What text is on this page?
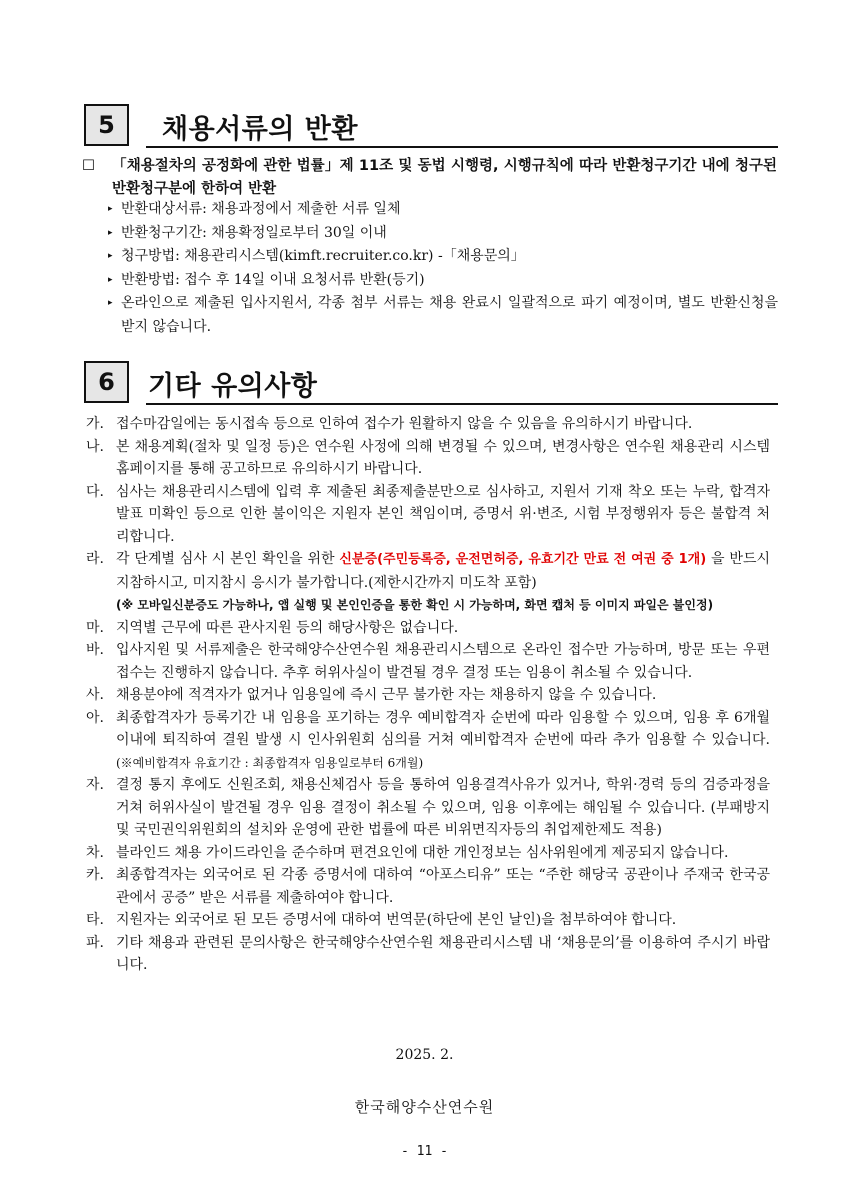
5	채용서류의 반환
☐	「채용절차의 공정화에 관한 법률」제 11조 및 동법 시행령, 시행규칙에 따라 반환청구기간 내에 청구된 반환청구분에 한하여 반환
▸ 반환대상서류: 채용과정에서 제출한 서류 일체
▸ 반환청구기간: 채용확정일로부터 30일 이내
▸ 청구방법: 채용관리시스템(kimft.recruiter.co.kr) -「채용문의」
▸ 반환방법: 접수 후 14일 이내 요청서류 반환(등기)
▸ 온라인으로 제출된 입사지원서, 각종 첨부 서류는 채용 완료시 일괄적으로 파기 예정이며, 별도 반환신청을 받지 않습니다.
6	기타 유의사항
가. 접수마감일에는 동시접속 등으로 인하여 접수가 원활하지 않을 수 있음을 유의하시기 바랍니다.
나. 본 채용계획(절차 및 일정 등)은 연수원 사정에 의해 변경될 수 있으며, 변경사항은 연수원 채용관리 시스템 홈페이지를 통해 공고하므로 유의하시기 바랍니다.
다. 심사는 채용관리시스템에 입력 후 제출된 최종제출분만으로 심사하고, 지원서 기재 착오 또는 누락, 합격자발표 미확인 등으로 인한 불이익은 지원자 본인 책임이며, 증명서 위·변조, 시험 부정행위자 등은 불합격 처리합니다.
라. 각 단계별 심사 시 본인 확인을 위한 신분증(주민등록증, 운전면허증, 유효기간 만료 전 여권 중 1개) 을 반드시 지참하시고, 미지참시 응시가 불가합니다.(제한시간까지 미도착 포함)
(※ 모바일신분증도 가능하나, 앱 실행 및 본인인증을 통한 확인 시 가능하며, 화면 캡처 등 이미지 파일은 불인정)
마. 지역별 근무에 따른 관사지원 등의 해당사항은 없습니다.
바. 입사지원 및 서류제출은 한국해양수산연수원 채용관리시스템으로 온라인 접수만 가능하며, 방문 또는 우편접수는 진행하지 않습니다. 추후 허위사실이 발견될 경우 결정 또는 임용이 취소될 수 있습니다.
사. 채용분야에 적격자가 없거나 임용일에 즉시 근무 불가한 자는 채용하지 않을 수 있습니다.
아. 최종합격자가 등록기간 내 임용을 포기하는 경우 예비합격자 순번에 따라 임용할 수 있으며, 임용 후 6개월 이내에 퇴직하여 결원 발생 시 인사위원회 심의를 거쳐 예비합격자 순번에 따라 추가 임용할 수 있습니다. (※예비합격자 유효기간 : 최종합격자 임용일로부터 6개월)
자. 결정 통지 후에도 신원조회, 채용신체검사 등을 통하여 임용결격사유가 있거나, 학위·경력 등의 검증과정을 거쳐 허위사실이 발견될 경우 임용 결정이 취소될 수 있으며, 임용 이후에는 해임될 수 있습니다. (부패방지 및 국민권익위원회의 설치와 운영에 관한 법률에 따른 비위면직자등의 취업제한제도 적용)
차. 블라인드 채용 가이드라인을 준수하며 편견요인에 대한 개인정보는 심사위원에게 제공되지 않습니다.
카. 최종합격자는 외국어로 된 각종 증명서에 대하여 “아포스티유” 또는 “주한 해당국 공관이나 주재국 한국공관에서 공증” 받은 서류를 제출하여야 합니다.
타. 지원자는 외국어로 된 모든 증명서에 대하여 번역문(하단에 본인 날인)을 첨부하여야 합니다.
파. 기타 채용과 관련된 문의사항은 한국해양수산연수원 채용관리시스템 내 ‘채용문의’를 이용하여 주시기 바랍니다.
2025. 2.
한국해양수산연수원
- 11 -
